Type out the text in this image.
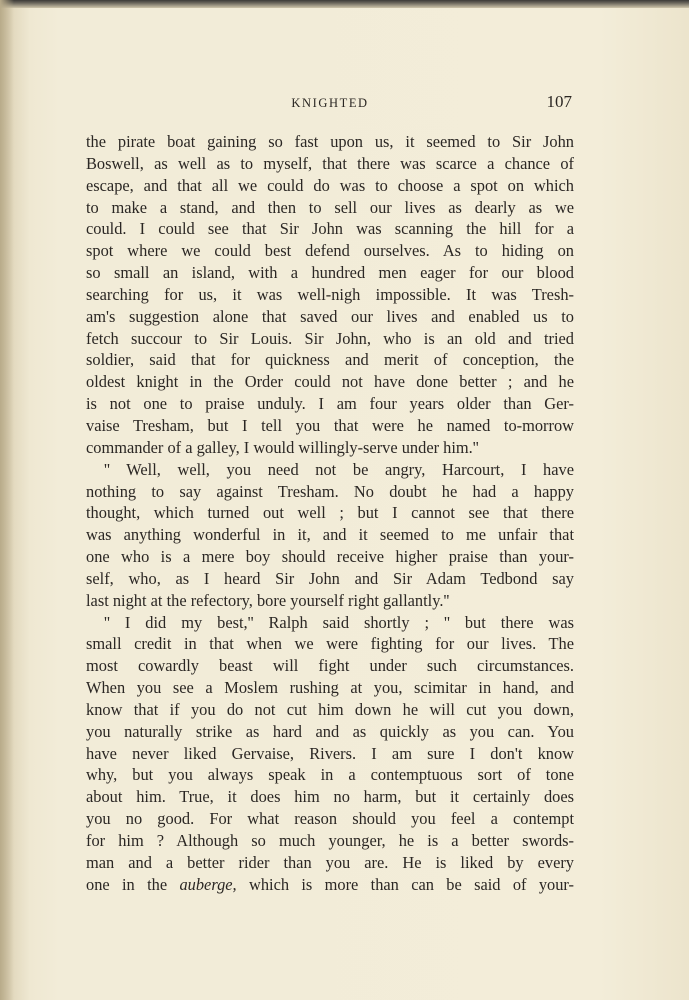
KNIGHTED	107
the pirate boat gaining so fast upon us, it seemed to Sir John
Boswell, as well as to myself, that there was scarce a chance of
escape, and that all we could do was to choose a spot on which
to make a stand, and then to sell our lives as dearly as we
could. I could see that Sir John was scanning the hill for a
spot where we could best defend ourselves. As to hiding on
so small an island, with a hundred men eager for our blood
searching for us, it was well-nigh impossible. It was Tresh-
am's suggestion alone that saved our lives and enabled us to
fetch succour to Sir Louis. Sir John, who is an old and tried
soldier, said that for quickness and merit of conception, the
oldest knight in the Order could not have done better ; and he
is not one to praise unduly. I am four years older than Ger-
vaise Tresham, but I tell you that were he named to-morrow
commander of a galley, I would willingly-serve under him.''
'' Well, well, you need not be angry, Harcourt, I have
nothing to say against Tresham. No doubt he had a happy
thought, which turned out well ; but I cannot see that there
was anything wonderful in it, and it seemed to me unfair that
one who is a mere boy should receive higher praise than your-
self, who, as I heard Sir John and Sir Adam Tedbond say
last night at the refectory, bore yourself right gallantly.''
'' I did my best,'' Ralph said shortly ; '' but there was
small credit in that when we were fighting for our lives. The
most cowardly beast will fight under such circumstances.
When you see a Moslem rushing at you, scimitar in hand, and
know that if you do not cut him down he will cut you down,
you naturally strike as hard and as quickly as you can. You
have never liked Gervaise, Rivers. I am sure I don't know
why, but you always speak in a contemptuous sort of tone
about him. True, it does him no harm, but it certainly does
you no good. For what reason should you feel a contempt
for him ? Although so much younger, he is a better swords-
man and a better rider than you are. He is liked by every
one in the auberge, which is more than can be said of your-
